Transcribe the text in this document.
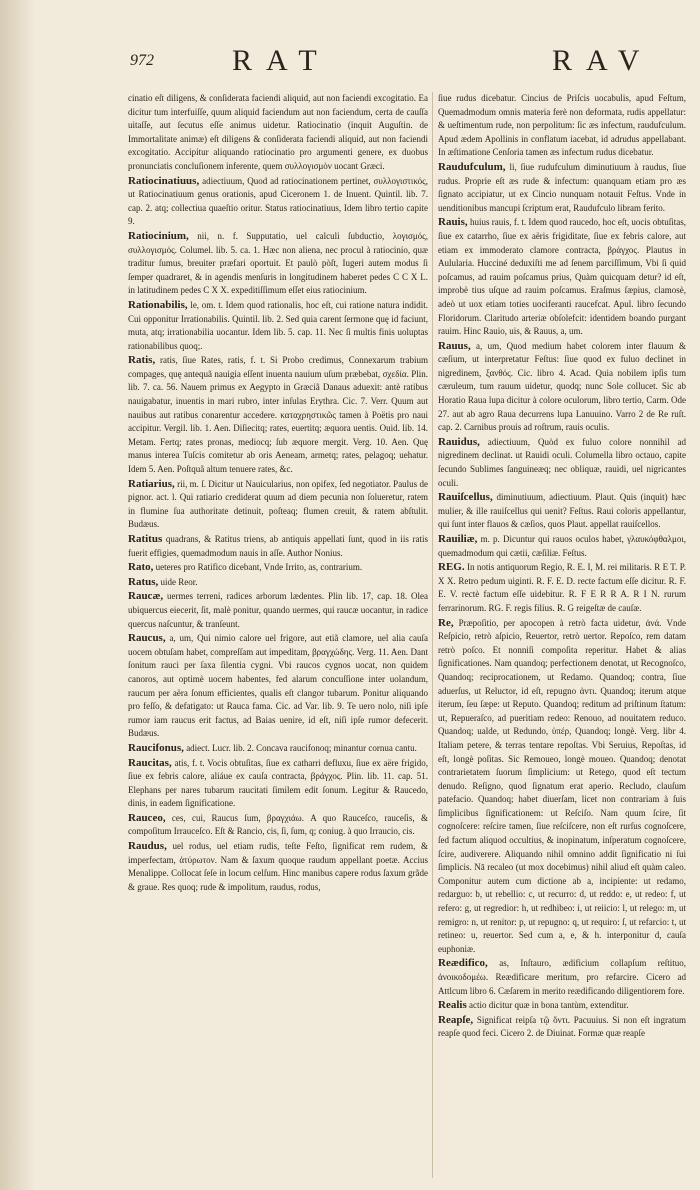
972	RAT	RAV

cinatio eſt diligens, & conſiderata faciendi aliquid, aut non faciendi excogitatio. Ea dicitur tum interfuiſſe, quum aliquid faciendum aut non faciendum, certa de cauſſa uitaſſe, aut ſecutus eſſe animus uidetur. Ratiocinatio (inquit Auguſtin. de Immortalitate animæ) eſt diligens & conſiderata faciendi aliquid, aut non faciendi excogitatio. Accipitur aliquando ratiocinatio pro argumenti genere, ex duobus pronunciatis concluſionem inferente, quem συλλογισμὸν uocant Græci.

Ratiocinatiuus, adiectiuum, Quod ad ratiocinationem pertinet, συλλογιστικός, ut Ratiocinatiuum genus orationis, apud Ciceronem 1. de Inuent. Quintil. lib. 7. cap. 2. atq; collectiua quaeſtio oritur. Status ratiocinatiuus, Idem libro tertio capite 9.

Ratiocinium, nii, n. f. Supputatio, uel calculi ſubductio, λογισμός, συλλογισμός. Columel. lib. 5. ca. 1. Hæc non aliena, nec procul à ratiocinio, quæ traditur ſumus, breuiter præfari oportuit. Et paulò pòſt, Iugeri autem modus ſi ſemper quadraret, & in agendis menſuris in longitudinem haberet pedes C C X L. in latitudinem pedes C X X. expeditiſſimum eſſet eius ratiocinium.

Rationabilis, le, om. t. Idem quod rationalis, hoc eſt, cui ratione natura indidit. Cui opponitur Irrationabilis. Quintil. lib. 2. Sed quia carent ſermone quę id faciunt, muta, atq; irrationabilia uocantur. Idem lib. 5. cap. 11. Nec ſi multis finis uoluptas rationabilibus quoq;.

Ratis, ratis, ſiue Rates, ratis, f. t. Si Probo credimus, Connexarum trabium compages, quę antequã nauigia eſſent inuenta nauium uſum præbebat, σχεδία. Plin. lib. 7. ca. 56. Nauem primus ex Aegypto in Græciã Danaus aduexit: antè ratibus nauigabatur, inuentis in mari rubro, inter inſulas Erythra. Cic. 7. Verr. Quum aut nauibus aut ratibus conarentur accedere. καταχρηστικῶς tamen à Poëtis pro naui accipitur. Vergil. lib. 1. Aen. Diſiecitq; rates, euertitq; æquora uentis. Ouid. lib. 14. Metam. Fertq; rates pronas, mediocq; ſub æquore mergit. Verg. 10. Aen. Quę manus interea Tuſcis comitetur ab oris Aeneam, armetq; rates, pelagoq; uehatur. Idem 5. Aen. Poſtquã altum tenuere rates, &c.

Ratiarius, rii, m. ſ. Dicitur ut Nauicularius, non opifex, ſed negotiator. Paulus de pignor. act. l. Qui ratiario crediderat quum ad diem pecunia non ſolueretur, ratem in flumine ſua authoritate detinuit, poſteaq; flumen creuit, & ratem abſtulit. Budæus.

Ratitus quadrans, & Ratitus triens, ab antiquis appellati ſunt, quod in iis ratis fuerit effigies, quemadmodum nauis in aſſe. Author Nonius.

Rato, ueteres pro Ratifico dicebant, Vnde Irrito, as, contrarium.

Ratus, uide Reor.

Raucæ, uermes terreni, radices arborum lædentes. Plin lib. 17, cap. 18. Olea ubiquercus eiecerit, ſit, malè ponitur, quando uermes, qui raucæ uocantur, in radice quercus naſcuntur, & tranſeunt.

Raucus, a, um, Qui nimio calore uel frigore, aut etiã clamore, uel alia cauſa uocem obtuſam habet, compreſſam aut impeditam, βραγχώδης. Verg. 11. Aen. Dant ſonitum rauci per ſaxa ſilentia cygni. Vbi raucos cygnos uocat, non quidem canoros, aut optimè uocem habentes, fed alarum concuſſione inter uolandum, raucum per aëra ſonum efficientes, qualis eſt clangor tubarum. Ponitur aliquando pro feſſo, & defatigato: ut Rauca fama. Cic. ad Var. lib. 9. Te uero nolo, niſi ipſe rumor iam raucus erit factus, ad Baias uenire, id eſt, niſi ipſe rumor defecerit. Budæus.

Raucifonus, adiect. Lucr. lib. 2. Concava raucifonoq; minantur cornua cantu.

Raucitas, atis, f. t. Vocis obtuſitas, ſiue ex catharri defluxu, ſiue ex aëre frigido, ſiue ex febris calore, aliáue ex cauſa contracta, βράγχος. Plin. lib. 11. cap. 51. Elephans per nares tubarum raucitati ſimilem edit ſonum. Legitur & Raucedo, dinis, in eadem ſignificatione.

Rauceo, ces, cui, Raucus ſum, βραγχιάω. A quo Rauceſco, rauceſis, & compoſitum Irrauceſco. Eſt & Rancio, cis, ſi, ſum, q; coniug. à quo Irraucio, cis.

Raudus, uel rodus, uel etiam rudis, teſte Feſto, ſignificat rem rudem, & imperfectam, ἀτύρωτον. Nam & ſaxum quoque raudum appellant poetæ. Accius Menalippe. Collocat ſeſe in locum celſum. Hinc manibus capere rodus ſaxum grãde & graue. Res quoq; rude & impolitum, raudus, rodus,

ſiue rudus dicebatur. Cincius de Priſcis uocabulis, apud Feſtum, Quemadmodum omnis materia ferè non deformata, rudis appellatur: & ueſtimentum rude, non perpolitum: ſic æs infectum, raudufculum. Apud ædem Apollinis in conflatum iacebat, id adrudus appellabant. In æſtimatione Cenſoria tamen æs infectum rudus dicebatur.

Raudufculum, li, ſiue rudufculum diminutiuum à raudus, ſiue rudus. Proprie eſt æs rude & infectum: quanquam etiam pro æs ſignato accipiatur, ut ex Cincio nunquam notauit Feſtus. Vnde in uenditionibus mancupi ſcriptum erat, Raudufculo libram ferito.

Rauis, huius rauis, f. t. Idem quod raucedo, hoc eſt, uocis obtuſitas, ſiue ex catarrho, ſiue ex aëris frigiditate, ſiue ex febris calore, aut etiam ex immoderato clamore contracta, βράγχος. Plautus in Aulularia. Hucciné deduxiſti me ad ſenem parciſſimum, Vbi ſi quid poſcamus, ad rauim poſcamus prius, Quàm quicquam detur? id eſt, improbè tius uſque ad rauim poſcamus. Eraſmus ſæpius, clamosè, adeò ut uox etiam toties uociferanti raucefcat. Apul. libro ſecundo Floridorum. Claritudo arteriæ obſolefcit: identidem boando purgant rauim. Hinc Rauio, uis, & Rauus, a, um.

Rauus, a, um, Quod medium habet colorem inter flauum & cæſium, ut interpretatur Feſtus: ſiue quod ex fuluo declinet in nigredinem, ξανθός. Cic. libro 4. Acad. Quia nobilem ipſis tum cæruleum, tum rauum uidetur, quodq; nunc Sole collucet. Sic ab Horatio Raua lupa dicitur à colore oculorum, libro tertio, Carm. Ode 27. aut ab agro Raua decurrens lupa Lanuuino. Varro 2 de Re ruſt. cap. 2. Carnibus prouis ad roſtrum, rauis oculis.

Rauidus, adiectiuum, Quòd ex fuluo colore nonnihil ad nigredinem declinat. ut Rauidi oculi. Columella libro octauo, capite ſecundo Sublimes ſanguineæq; nec obliquæ, rauidi, uel nigricantes oculi.

Rauiſcellus, diminutiuum, adiectiuum. Plaut. Quis (inquit) hæc mulier, & ille rauiſcellus qui uenit? Feſtus. Raui coloris appellantur, qui ſunt inter flauos & cæſios, quos Plaut. appellat rauiſcellos.

Rauiliæ, m. p. Dicuntur qui rauos oculos habet, γλαυκόφθαλμοι, quemadmodum qui cætii, cæſiliæ. Feſtus.

REG. In notis antiquorum Regio, R. E. I, M. rei militaris. R E T. P. X X. Retro pedum uiginti. R. F. E. D. recte factum eſſe dicitur. R. F. E. V. rectè factum eſſe uidebitur. R. F E R R A. R I N. rurum ferrarinorum. RG. F. regis filius. R. G reigeſtæ de cauſæ.

Re, Præpoſitio, per apocopen à retrò facta uidetur, ἀνά. Vnde Reſpicio, retrò aſpicio, Reuertor, retrò uertor. Repoſco, rem datam retrò poſco. Et nonniſi compoſita reperitur. Habet & alias ſignificationes. Nam quandoq; perfectionem denotat, ut Recognoſco, Quandoq; reciprocationem, ut Redamo. Quandoq; contra, ſiue aduerſus, ut Reluctor, id eſt, repugno ἀντι. Quandoq; iterum atque iterum, ſeu ſæpe: ut Reputo. Quandoq; reditum ad priſtinum ſtatum: ut, Repueraſco, ad pueritiam redeo: Renouo, ad nouitatem reduco. Quandoq; ualde, ut Redundo, ὑπέρ, Quandoq; longè. Verg. libr 4. Italiam petere, & terras tentare repoſtas. Vbi Seruius, Repoſtas, id eſt, longè poſitas. Sic Remoueo, longè moueo. Quandoq; denotat contrarietatem ſuorum ſimplicium: ut Retego, quod eſt tectum denudo. Reſigno, quod ſignatum erat aperio. Recludo, clauſum patefacio. Quandoq; habet diuerſam, licet non contrariam à ſuis ſimplicibus ſignificationem: ut Reſciſo. Nam quum ſcire, ſit cognoſcere: reſcire tamen, ſiue reſciſcere, non eſt rurſus cognoſcere, ſed factum aliquod occultius, & inopinatum, inſperatum cognoſcere, ſcire, audiverere. Aliquando nihil omnino addit ſignificatio ni ſui ſimplicis. Nā recaleo (ut mox docebimus) nihil aliud eſt quàm caleo. Componitur autem cum dictione ab a, incipiente: ut redamo, redarguo: b, ut rebellio: c, ut recurro: d, ut reddo: e, ut redeo: f, ut refero: g, ut regredior: h, ut redhibeo: i, ut reiicio: l, ut relego: m, ut remigro: n, ut renitor: p, ut repugno: q, ut requiro: ſ, ut refarcio: t, ut retineo: u, reuertor. Sed cum a, e, & h. interponitur d, cauſa euphoniæ.

Reædifico, as, Inſtauro, ædificium collapſum reſtituo, ἀνοικοδομέω. Reædificare meritum, pro refarcire. Cicero ad Attlcum libro 6. Cæſarem in merito reædificando diligentiorem fore.

Realis actio dicitur quæ in bona tantùm, extenditur.

Reapſe, Significat reipſa τῷ ὄντι. Pacuuius. Si non eſt ingratum reapſe quod feci. Cicero 2. de Diuinat. Formæ quæ reapſe
